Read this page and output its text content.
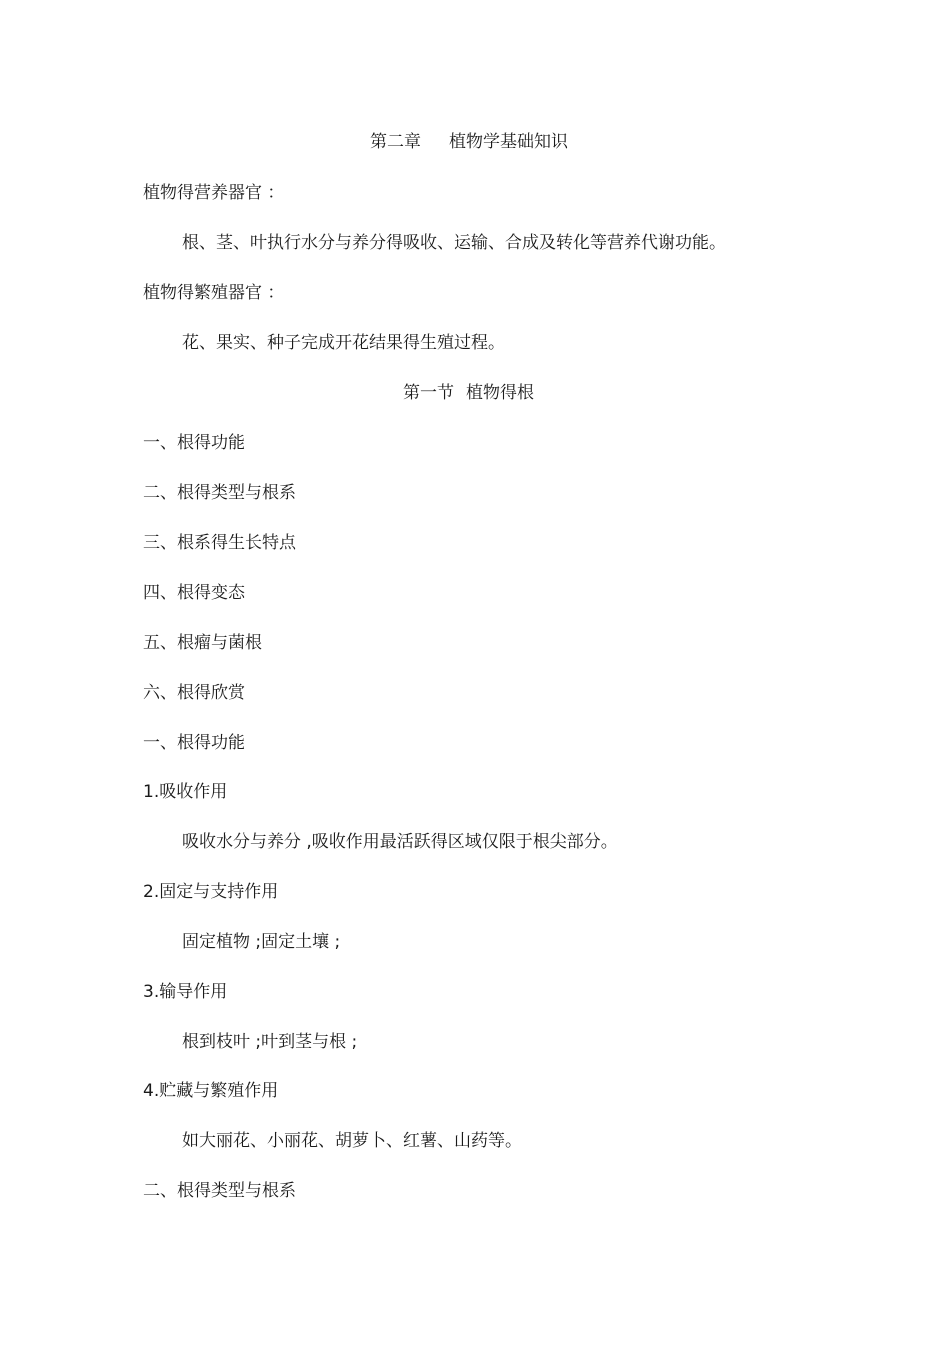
第二章 植物学基础知识
植物得营养器官 ：
根、茎、叶执行水分与养分得吸收、运输、合成及转化等营养代谢功能。
植物得繁殖器官 ：
花、果实、种子完成开花结果得生殖过程。
第一节 植物得根
一、根得功能
二、根得类型与根系
三、根系得生长特点
四、根得变态
五、根瘤与菌根
六、根得欣赏
一、根得功能
1.吸收作用
吸收水分与养分 ,吸收作用最活跃得区域仅限于根尖部分。
2.固定与支持作用
固定植物 ;固定土壤 ;
3.输导作用
根到枝叶 ;叶到茎与根 ;
4.贮藏与繁殖作用
如大丽花、小丽花、胡萝卜、红薯、山药等。
二、根得类型与根系
